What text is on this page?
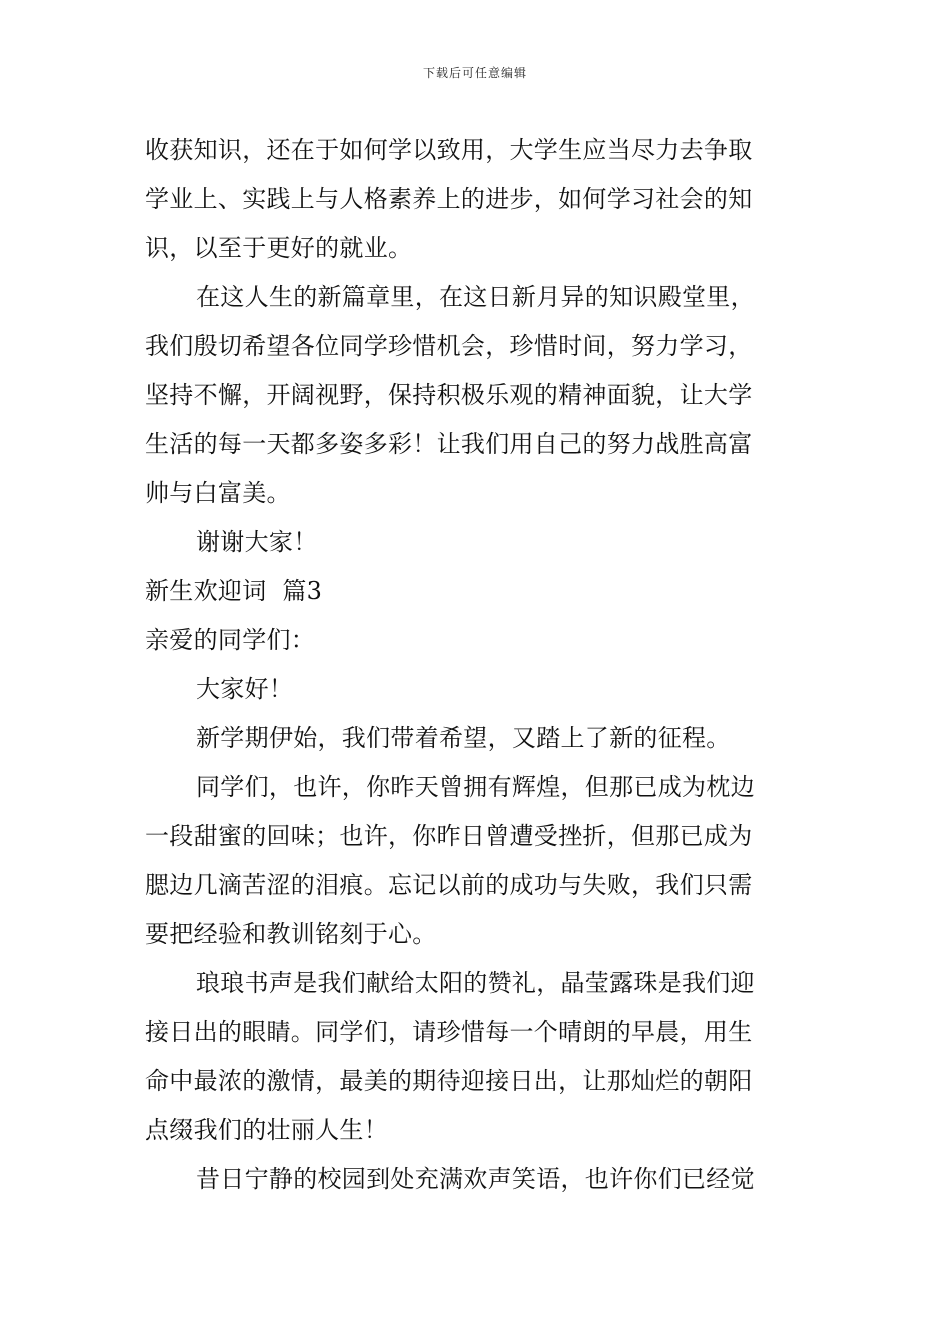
下载后可任意编辑
收获知识，还在于如何学以致用，大学生应当尽力去争取
学业上、实践上与人格素养上的进步，如何学习社会的知
识，以至于更好的就业。
在这人生的新篇章里，在这日新月异的知识殿堂里，
我们殷切希望各位同学珍惜机会，珍惜时间，努力学习，
坚持不懈，开阔视野，保持积极乐观的精神面貌，让大学
生活的每一天都多姿多彩！让我们用自己的努力战胜高富
帅与白富美。
谢谢大家！
新生欢迎词  篇3
亲爱的同学们：
大家好！
新学期伊始，我们带着希望，又踏上了新的征程。
同学们，也许，你昨天曾拥有辉煌，但那已成为枕边
一段甜蜜的回味；也许，你昨日曾遭受挫折，但那已成为
腮边几滴苦涩的泪痕。忘记以前的成功与失败，我们只需
要把经验和教训铭刻于心。
琅琅书声是我们献给太阳的赞礼，晶莹露珠是我们迎
接日出的眼睛。同学们，请珍惜每一个晴朗的早晨，用生
命中最浓的激情，最美的期待迎接日出，让那灿烂的朝阳
点缀我们的壮丽人生！
昔日宁静的校园到处充满欢声笑语，也许你们已经觉
